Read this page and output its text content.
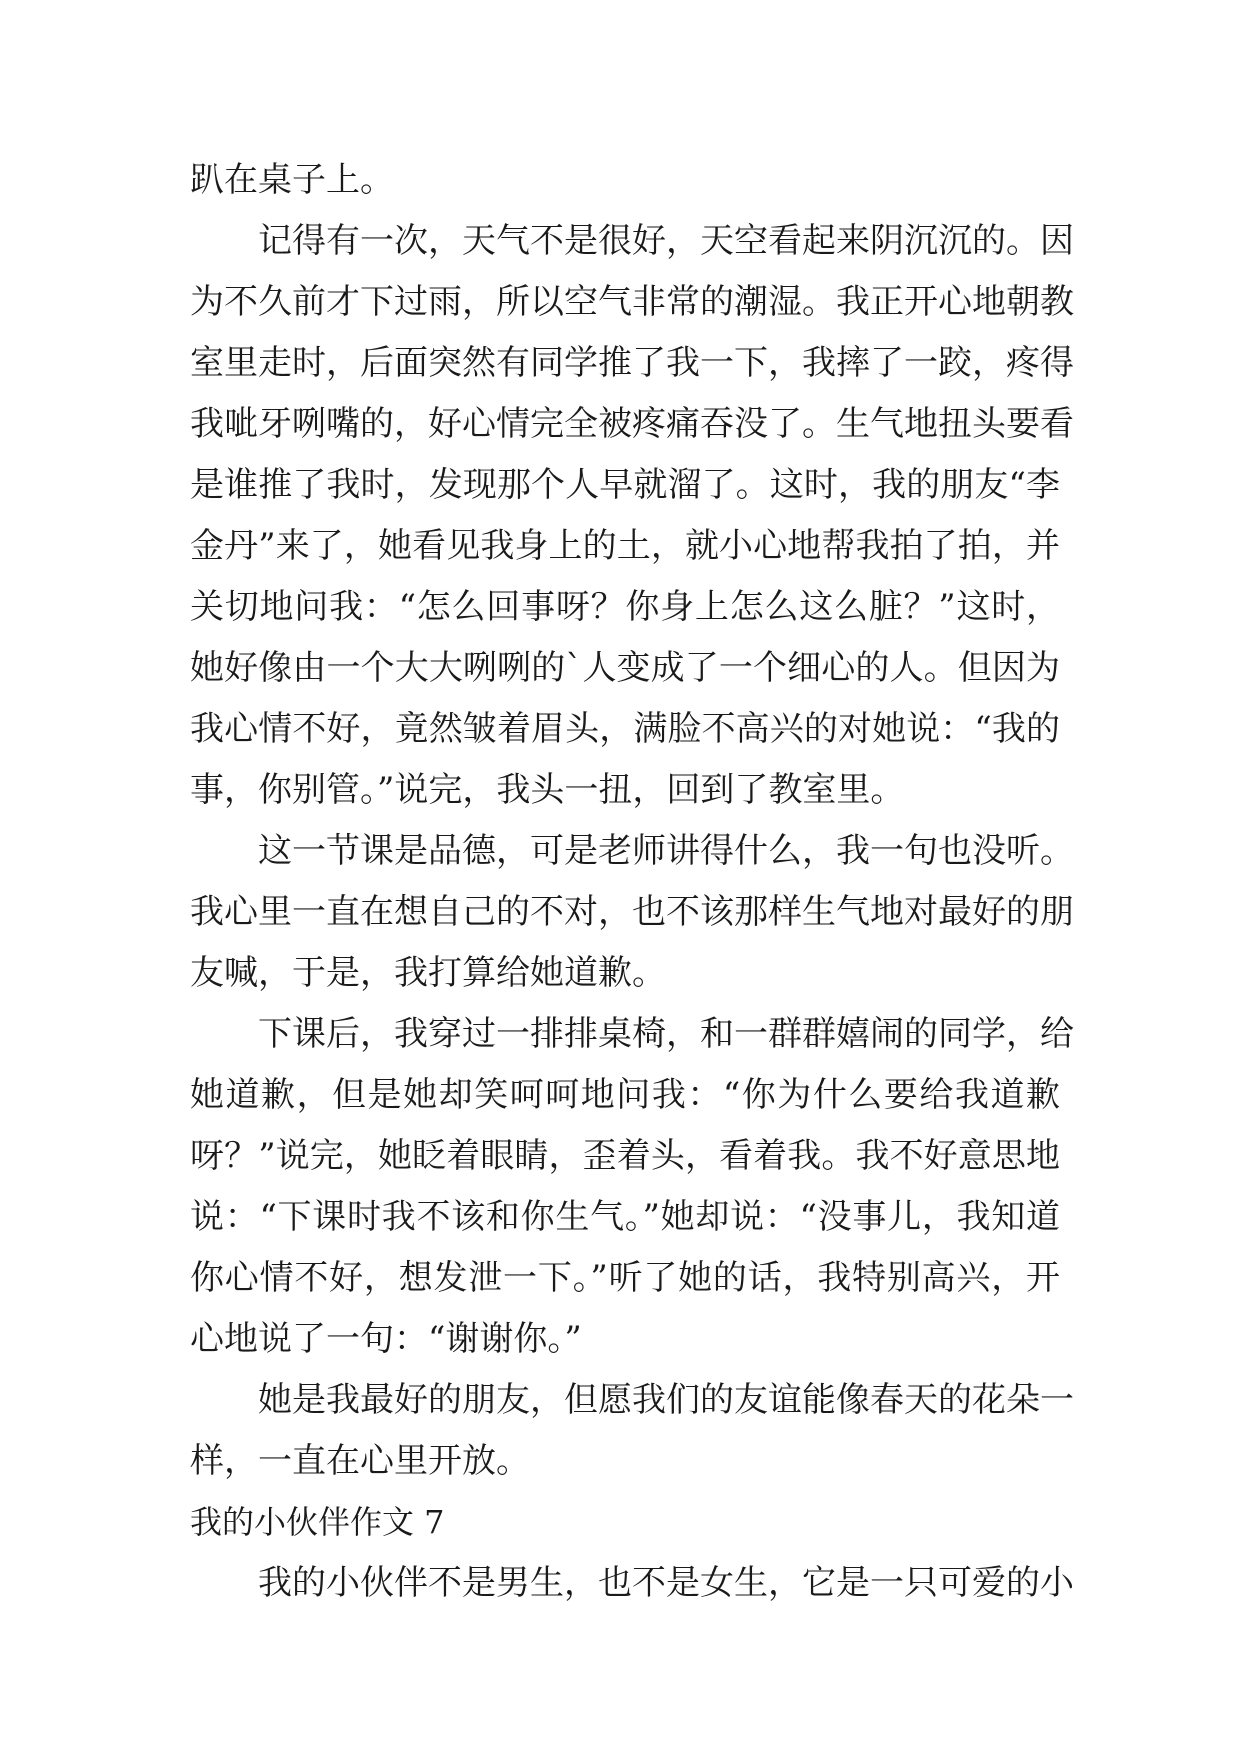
趴在桌子上。
记得有一次，天气不是很好，天空看起来阴沉沉的。因
为不久前才下过雨，所以空气非常的潮湿。我正开心地朝教
室里走时，后面突然有同学推了我一下，我摔了一跤，疼得
我呲牙咧嘴的，好心情完全被疼痛吞没了。生气地扭头要看
是谁推了我时，发现那个人早就溜了。这时，我的朋友“李
金丹”来了，她看见我身上的土，就小心地帮我拍了拍，并
关切地问我：“怎么回事呀？你身上怎么这么脏？”这时，
她好像由一个大大咧咧的`人变成了一个细心的人。但因为
我心情不好，竟然皱着眉头，满脸不高兴的对她说：“我的
事，你别管。”说完，我头一扭，回到了教室里。
这一节课是品德，可是老师讲得什么，我一句也没听。
我心里一直在想自己的不对，也不该那样生气地对最好的朋
友喊，于是，我打算给她道歉。
下课后，我穿过一排排桌椅，和一群群嬉闹的同学，给
她道歉，但是她却笑呵呵地问我：“你为什么要给我道歉
呀？”说完，她眨着眼睛，歪着头，看着我。我不好意思地
说：“下课时我不该和你生气。”她却说：“没事儿，我知道
你心情不好，想发泄一下。”听了她的话，我特别高兴，开
心地说了一句：“谢谢你。”
她是我最好的朋友，但愿我们的友谊能像春天的花朵一
样，一直在心里开放。
我的小伙伴作文 7
我的小伙伴不是男生，也不是女生，它是一只可爱的小
